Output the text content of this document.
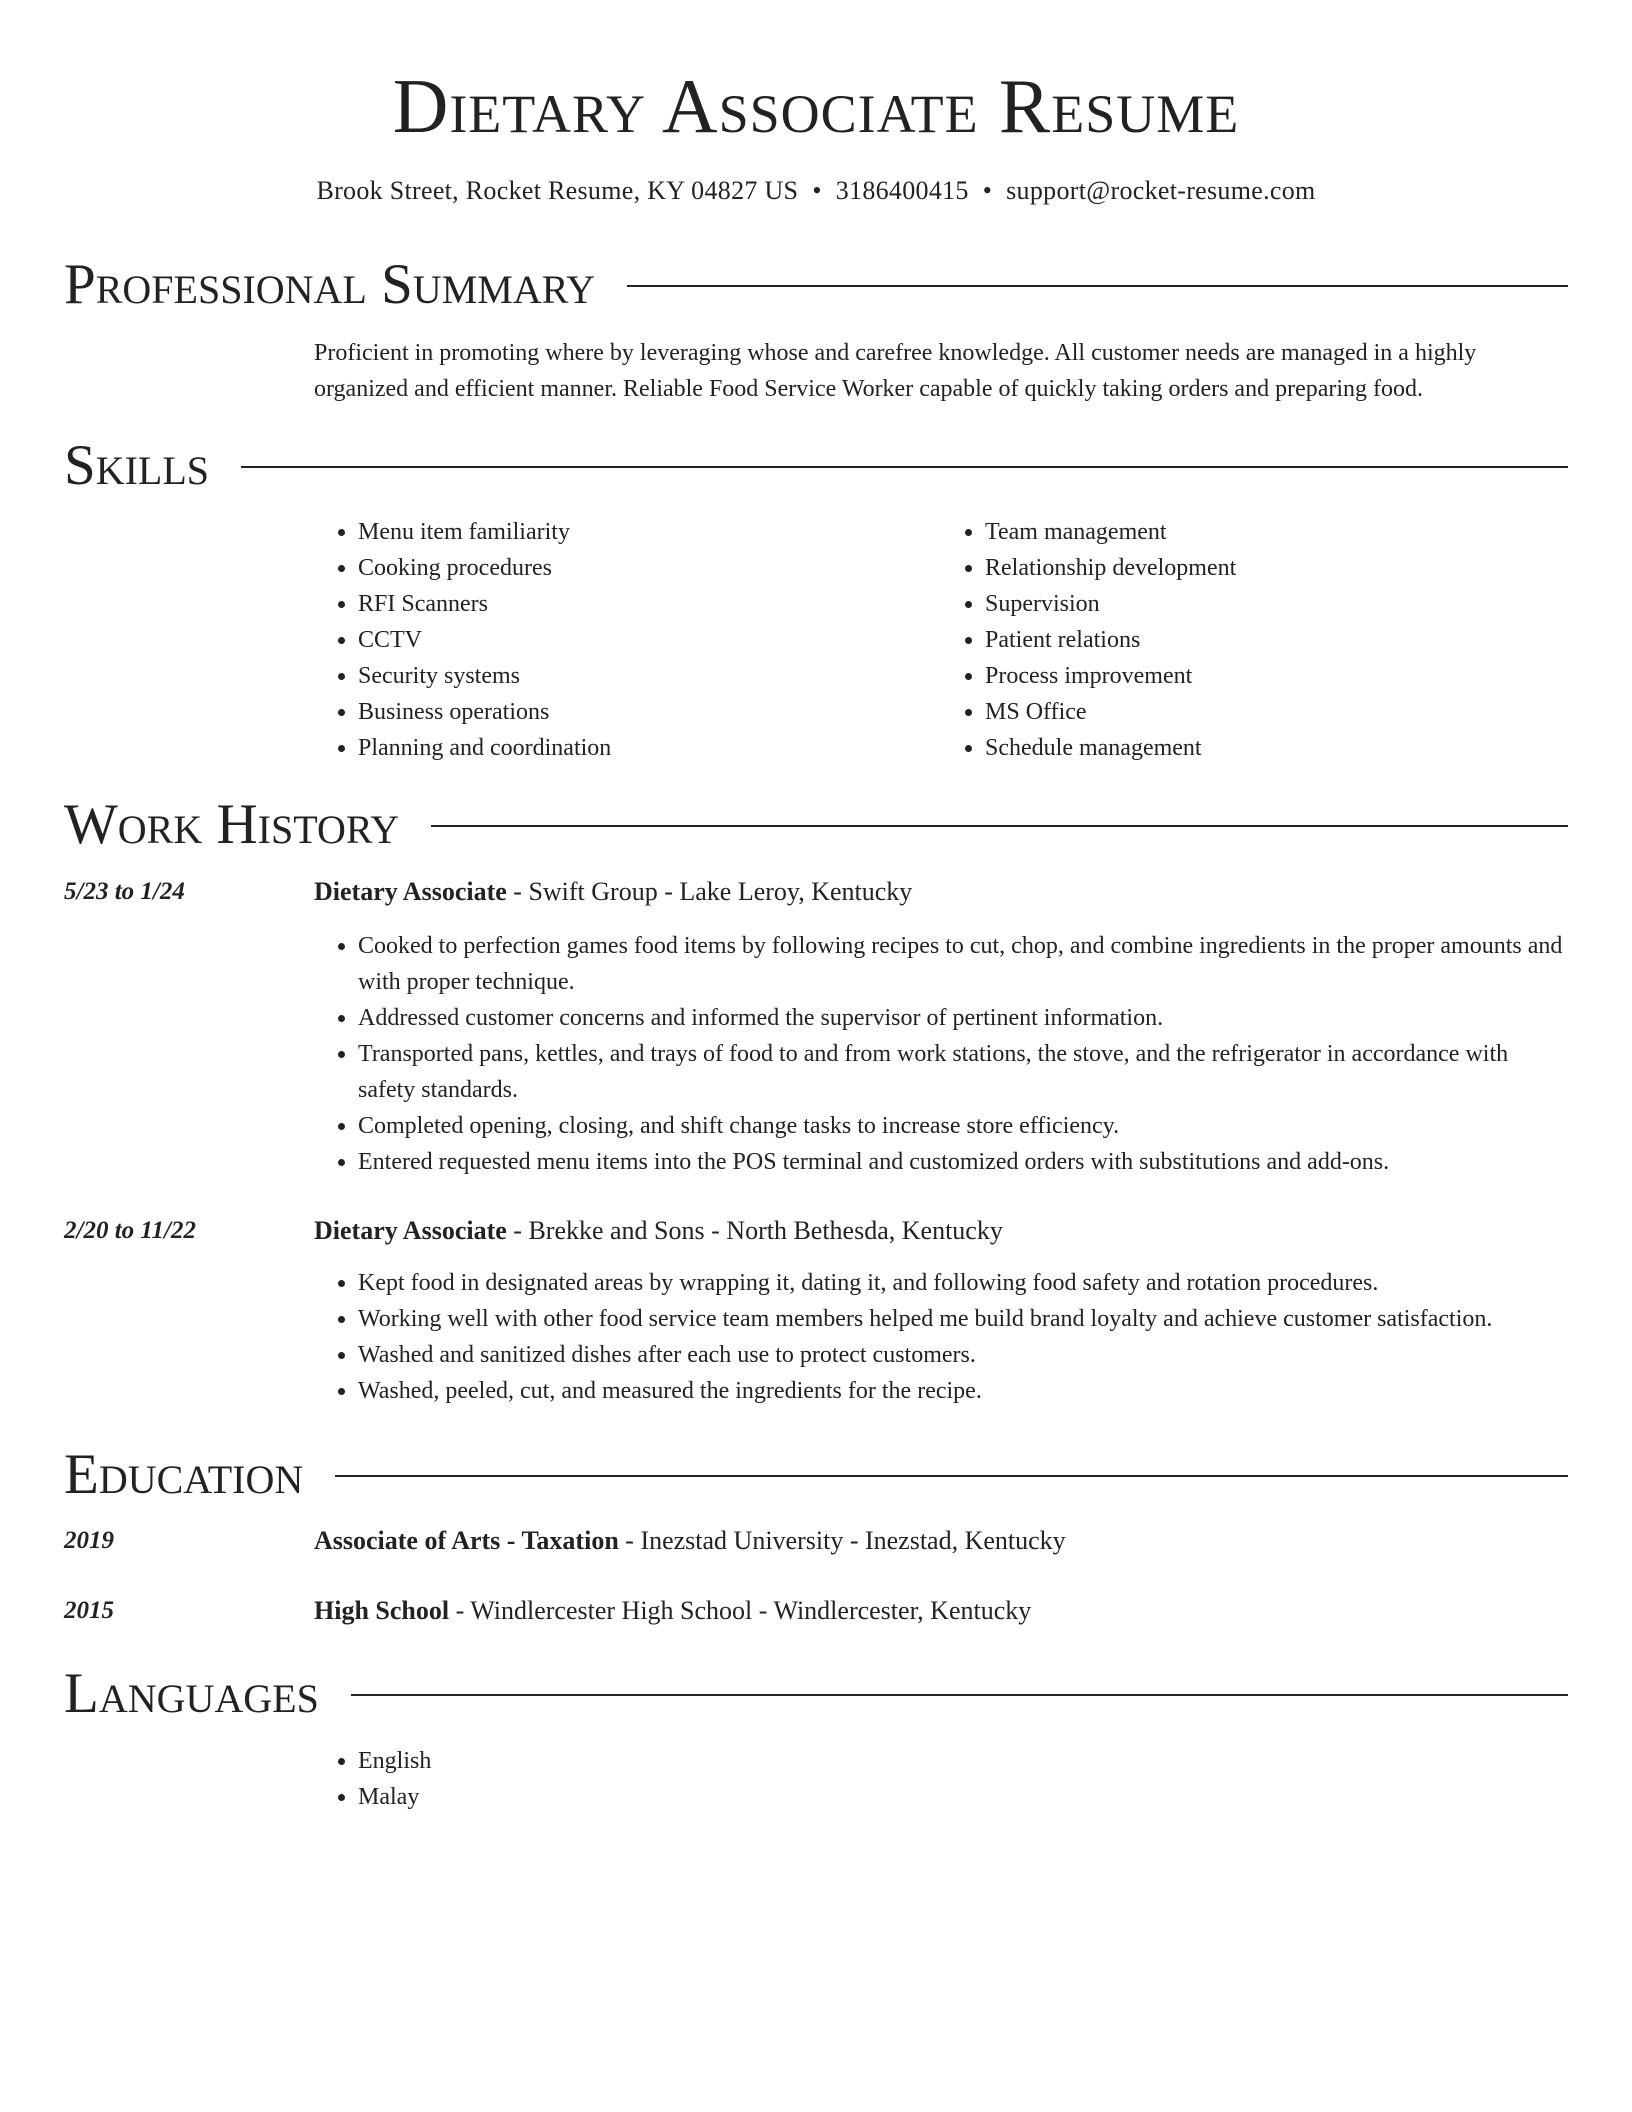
Dietary Associate Resume
Brook Street, Rocket Resume, KY 04827 US • 3186400415 • support@rocket-resume.com
Professional Summary

Proficient in promoting where by leveraging whose and carefree knowledge. All customer needs are managed in a highly organized and efficient manner. Reliable Food Service Worker capable of quickly taking orders and preparing food.

Skills
• Menu item familiarity
• Cooking procedures
• RFI Scanners
• CCTV
• Security systems
• Business operations
• Planning and coordination
• Team management
• Relationship development
• Supervision
• Patient relations
• Process improvement
• MS Office
• Schedule management
Work History
5/23 to 1/24	Dietary Associate - Swift Group - Lake Leroy, Kentucky
• Cooked to perfection games food items by following recipes to cut, chop, and combine ingredients in the proper amounts and with proper technique.
• Addressed customer concerns and informed the supervisor of pertinent information.
• Transported pans, kettles, and trays of food to and from work stations, the stove, and the refrigerator in accordance with safety standards.
• Completed opening, closing, and shift change tasks to increase store efficiency.
• Entered requested menu items into the POS terminal and customized orders with substitutions and add-ons.
2/20 to 11/22	Dietary Associate - Brekke and Sons - North Bethesda, Kentucky
• Kept food in designated areas by wrapping it, dating it, and following food safety and rotation procedures.
• Working well with other food service team members helped me build brand loyalty and achieve customer satisfaction.
• Washed and sanitized dishes after each use to protect customers.
• Washed, peeled, cut, and measured the ingredients for the recipe.
Education
2019	Associate of Arts - Taxation - Inezstad University - Inezstad, Kentucky
2015	High School - Windlercester High School - Windlercester, Kentucky
Languages
• English
• Malay
